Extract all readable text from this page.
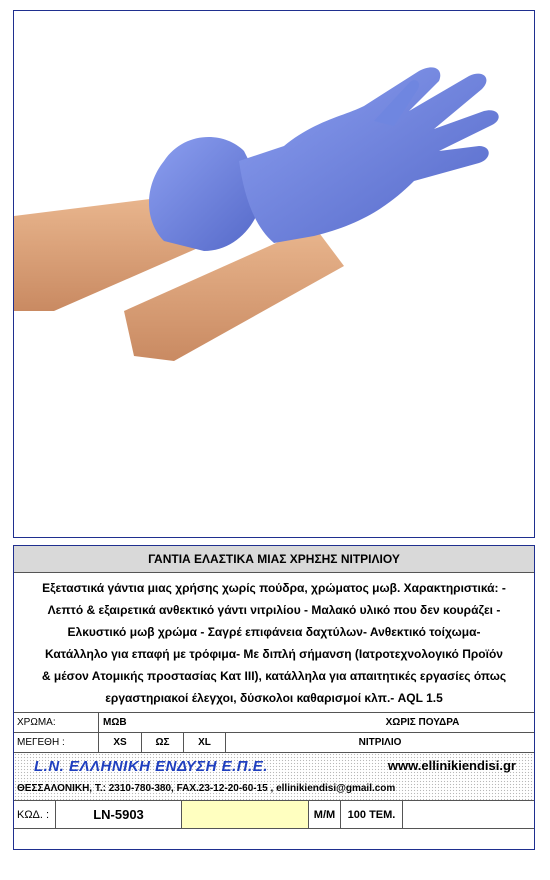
ΓΑΝΤΙΑ ΕΛΑΣΤΙΚΑ ΜΙΑΣ ΧΡΗΣΗΣ ΝΙΤΡΙΛΙΟΥ
Εξεταστικά γάντια μιας χρήσης χωρίς πούδρα, χρώματος μωβ. Χαρακτηριστικά: -
Λεπτό & εξαιρετικά ανθεκτικό γάντι νιτριλίου - Μαλακό υλικό που δεν κουράζει -
Ελκυστικό μωβ χρώμα - Σαγρέ επιφάνεια δαχτύλων- Ανθεκτικό τοίχωμα-
Κατάλληλο για επαφή με τρόφιμα- Με διπλή σήμανση (Ιατροτεχνολογικό Προϊόν
& μέσον Ατομικής προστασίας Κατ ΙΙΙ), κατάλληλα για απαιτητικές εργασίες όπως
εργαστηριακοί έλεγχοι, δύσκολοι καθαρισμοί κλπ.- AQL 1.5
ΧΡΩΜΑ:	ΜΩΒ	ΧΩΡΙΣ ΠΟΥΔΡΑ
ΜΕΓΕΘΗ :	XS	ΩΣ	XL	ΝΙΤΡΙΛΙΟ
L.N. ΕΛΛΗΝΙΚΗ ΕΝΔΥΣΗ Ε.Π.Ε.	www.ellinikiendisi.gr
ΘΕΣΣΑΛΟΝΙΚΗ, Τ.: 2310-780-380, FAX.23-12-20-60-15 , ellinikiendisi@gmail.com
ΚΩΔ. :	LN-5903	Μ/Μ	100 ΤΕΜ.
